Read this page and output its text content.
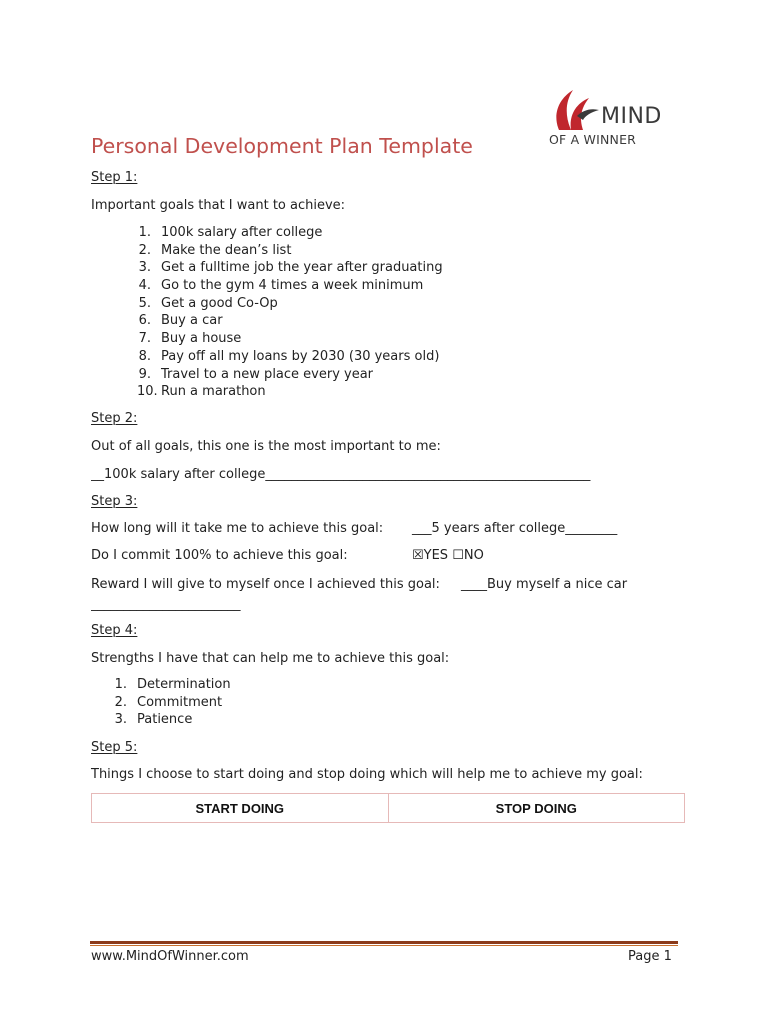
MIND
OF A WINNER
Personal Development Plan Template
Step 1:
Important goals that I want to achieve:
1. 100k salary after college
2. Make the dean’s list
3. Get a fulltime job the year after graduating
4. Go to the gym 4 times a week minimum
5. Get a good Co-Op
6. Buy a car
7. Buy a house
8. Pay off all my loans by 2030 (30 years old)
9. Travel to a new place every year
10. Run a marathon
Step 2:
Out of all goals, this one is the most important to me:
__100k salary after college__________________________________________________
Step 3:
How long will it take me to achieve this goal: ___5 years after college________
Do I commit 100% to achieve this goal:	☒YES ☐NO
Reward I will give to myself once I achieved this goal: ____Buy myself a nice car
_______________________
Step 4:
Strengths I have that can help me to achieve this goal:
1. Determination
2. Commitment
3. Patience
Step 5:
Things I choose to start doing and stop doing which will help me to achieve my goal:
START DOING	STOP DOING
www.MindOfWinner.com	Page 1
